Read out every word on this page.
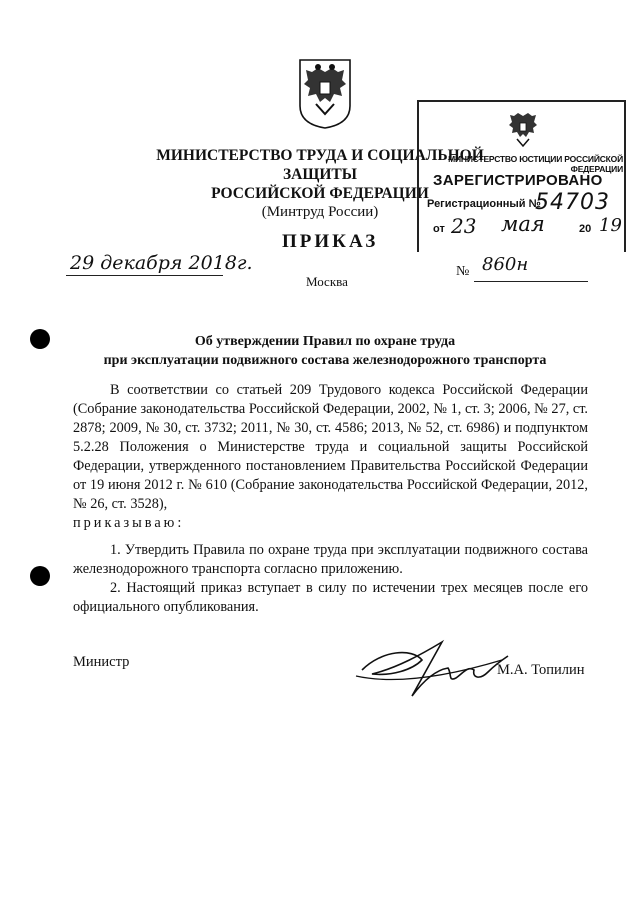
МИНИСТЕРСТВО ТРУДА И СОЦИАЛЬНОЙ ЗАЩИТЫ
РОССИЙСКОЙ ФЕДЕРАЦИИ
(Минтруд России)
МИНИСТЕРСТВО ЮСТИЦИИ РОССИЙСКОЙ ФЕДЕРАЦИИ
ЗАРЕГИСТРИРОВАНО
Регистрационный №
54703
от 23 мая	20 19
ПРИКАЗ
29 декабря 2018г.
Москва
№ 860н
Об утверждении Правил по охране труда
при эксплуатации подвижного состава железнодорожного транспорта

В соответствии со статьей 209 Трудового кодекса Российской Федерации (Собрание законодательства Российской Федерации, 2002, № 1, ст. 3; 2006, № 27, ст. 2878; 2009, № 30, ст. 3732; 2011, № 30, ст. 4586; 2013, № 52, ст. 6986) и подпунктом 5.2.28 Положения о Министерстве труда и социальной защиты Российской Федерации, утвержденного постановлением Правительства Российской Федерации от 19 июня 2012 г. № 610 (Собрание законодательства Российской Федерации, 2012, № 26, ст. 3528),

приказываю:

1. Утвердить Правила по охране труда при эксплуатации подвижного состава железнодорожного транспорта согласно приложению.

2. Настоящий приказ вступает в силу по истечении трех месяцев после его официального опубликования.

Министр	М.А. Топилин
